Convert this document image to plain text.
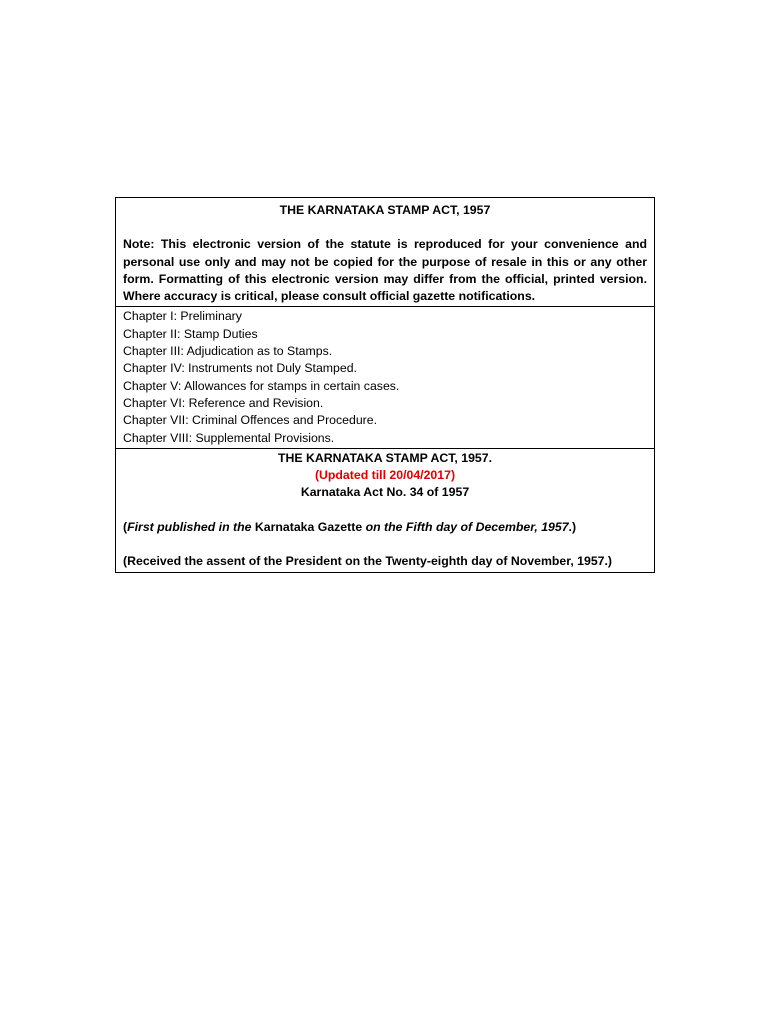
THE KARNATAKA STAMP ACT, 1957
Note: This electronic version of the statute is reproduced for your convenience and personal use only and may not be copied for the purpose of resale in this or any other form. Formatting of this electronic version may differ from the official, printed version. Where accuracy is critical, please consult official gazette notifications.
Chapter I: Preliminary
Chapter II: Stamp Duties
Chapter III: Adjudication as to Stamps.
Chapter IV: Instruments not Duly Stamped.
Chapter V: Allowances for stamps in certain cases.
Chapter VI: Reference and Revision.
Chapter VII: Criminal Offences and Procedure.
Chapter VIII: Supplemental Provisions.
THE KARNATAKA STAMP ACT, 1957.
(Updated till 20/04/2017)
Karnataka Act No. 34 of 1957
(First published in the Karnataka Gazette on the Fifth day of December, 1957.)
(Received the assent of the President on the Twenty-eighth day of November, 1957.)
